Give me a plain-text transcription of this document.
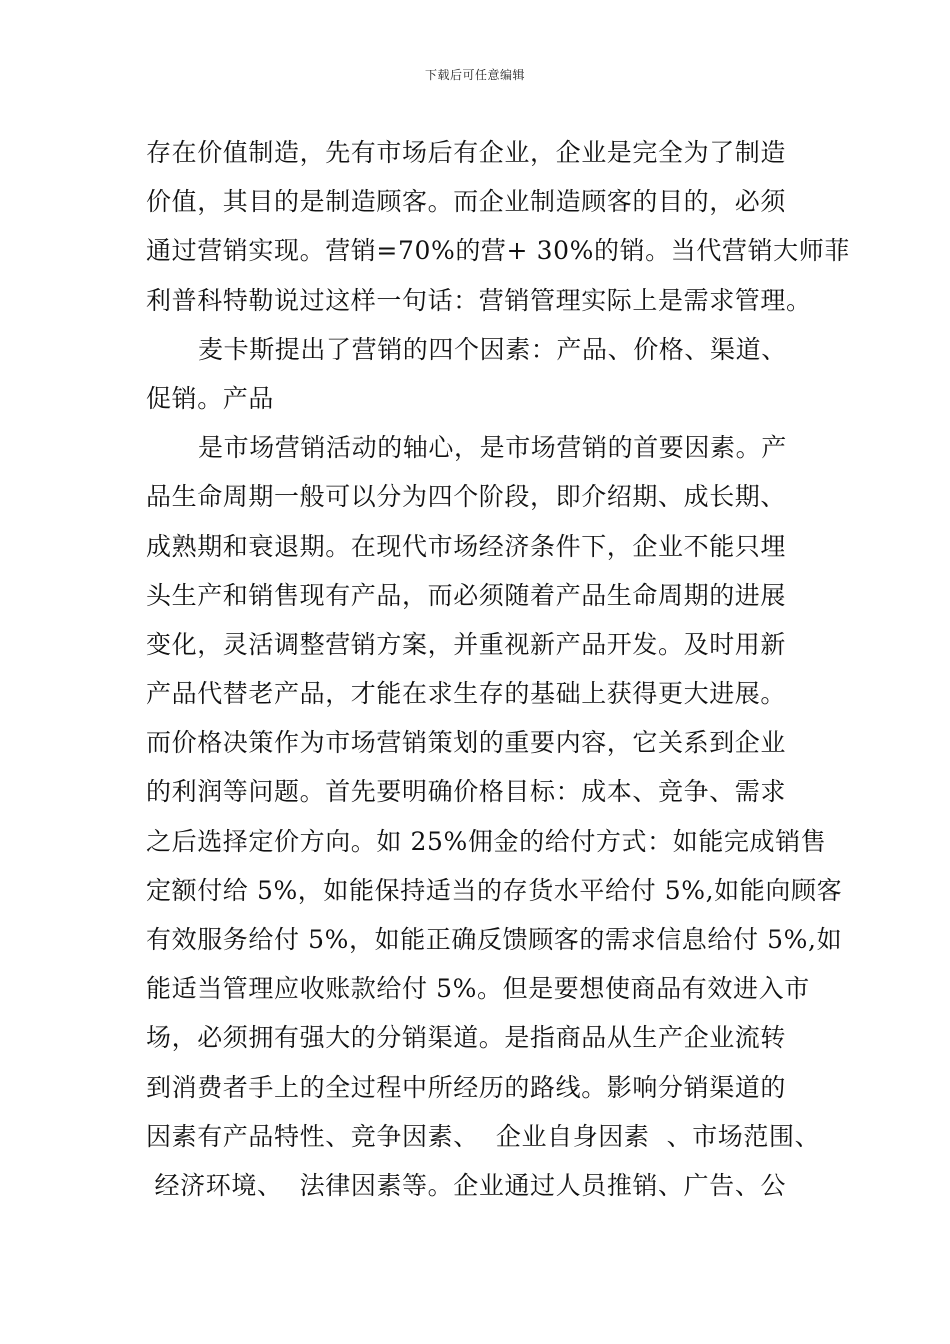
下载后可任意编辑
存在价值制造，先有市场后有企业，企业是完全为了制造
价值，其目的是制造顾客。而企业制造顾客的目的，必须
通过营销实现。营销=70%的营+ 30%的销。当代营销大师菲
利普科特勒说过这样一句话：营销管理实际上是需求管理。
麦卡斯提出了营销的四个因素：产品、价格、渠道、
促销。产品
是市场营销活动的轴心，是市场营销的首要因素。产
品生命周期一般可以分为四个阶段，即介绍期、成长期、
成熟期和衰退期。在现代市场经济条件下，企业不能只埋
头生产和销售现有产品，而必须随着产品生命周期的进展
变化，灵活调整营销方案，并重视新产品开发。及时用新
产品代替老产品，才能在求生存的基础上获得更大进展。
而价格决策作为市场营销策划的重要内容，它关系到企业
的利润等问题。首先要明确价格目标：成本、竞争、需求
之后选择定价方向。如 25%佣金的给付方式：如能完成销售
定额付给 5%，如能保持适当的存货水平给付 5%,如能向顾客
有效服务给付 5%，如能正确反馈顾客的需求信息给付 5%,如
能适当管理应收账款给付 5%。但是要想使商品有效进入市
场，必须拥有强大的分销渠道。是指商品从生产企业流转
到消费者手上的全过程中所经历的路线。影响分销渠道的
因素有产品特性、竞争因素、  企业自身因素  、市场范围、
经济环境、  法律因素等。企业通过人员推销、广告、公
